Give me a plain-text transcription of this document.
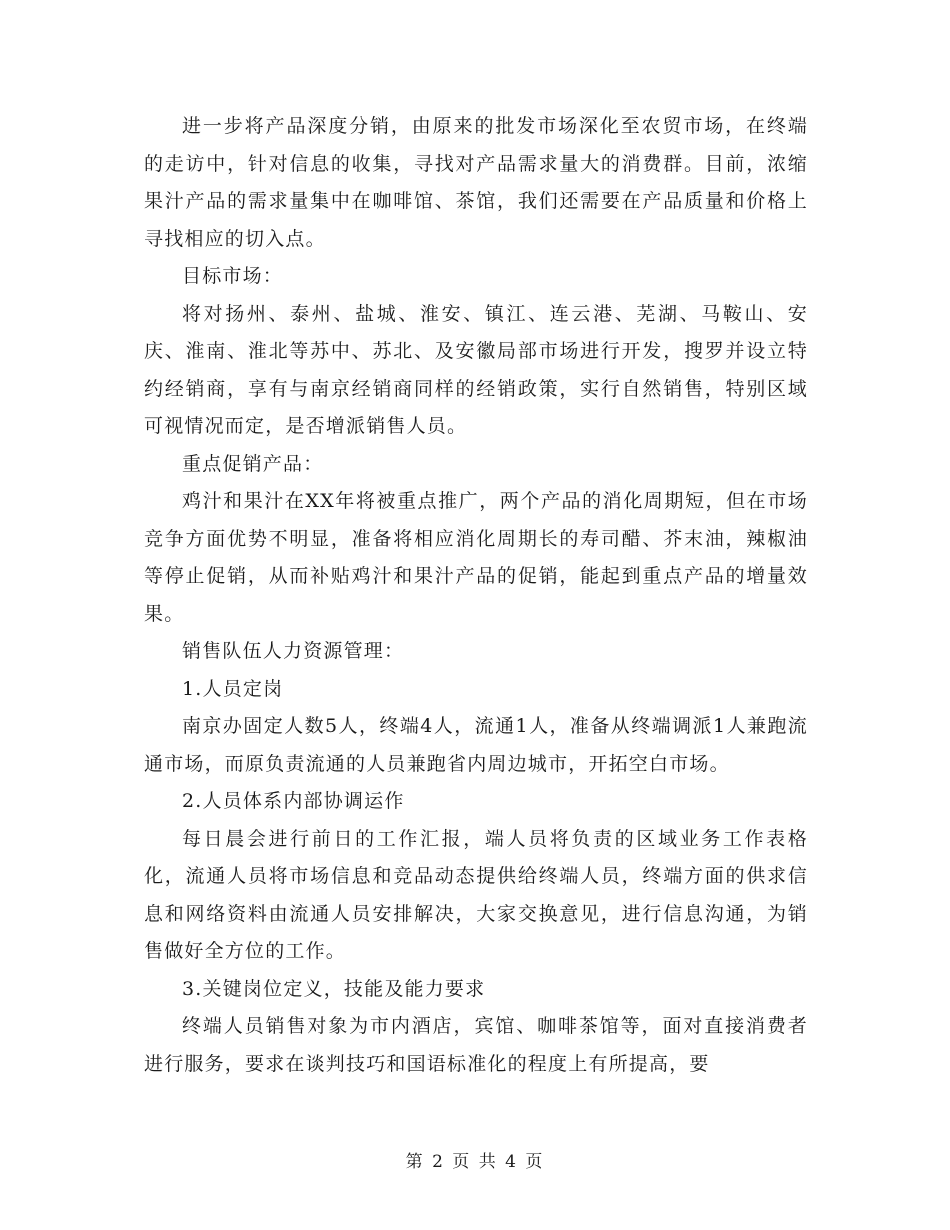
进一步将产品深度分销，由原来的批发市场深化至农贸市场，在终端的走访中，针对信息的收集，寻找对产品需求量大的消费群。目前，浓缩果汁产品的需求量集中在咖啡馆、茶馆，我们还需要在产品质量和价格上寻找相应的切入点。

目标市场：

将对扬州、泰州、盐城、淮安、镇江、连云港、芜湖、马鞍山、安庆、淮南、淮北等苏中、苏北、及安徽局部市场进行开发，搜罗并设立特约经销商，享有与南京经销商同样的经销政策，实行自然销售，特别区域可视情况而定，是否增派销售人员。

重点促销产品：

鸡汁和果汁在XX年将被重点推广，两个产品的消化周期短，但在市场竞争方面优势不明显，准备将相应消化周期长的寿司醋、芥末油，辣椒油等停止促销，从而补贴鸡汁和果汁产品的促销，能起到重点产品的增量效果。

销售队伍人力资源管理：

1.人员定岗

南京办固定人数5人，终端4人，流通1人，准备从终端调派1人兼跑流通市场，而原负责流通的人员兼跑省内周边城市，开拓空白市场。

2.人员体系内部协调运作

每日晨会进行前日的工作汇报，端人员将负责的区域业务工作表格化，流通人员将市场信息和竞品动态提供给终端人员，终端方面的供求信息和网络资料由流通人员安排解决，大家交换意见，进行信息沟通，为销售做好全方位的工作。

3.关键岗位定义，技能及能力要求

终端人员销售对象为市内酒店，宾馆、咖啡茶馆等，面对直接消费者进行服务，要求在谈判技巧和国语标准化的程度上有所提高，要

第 2 页 共 4 页
